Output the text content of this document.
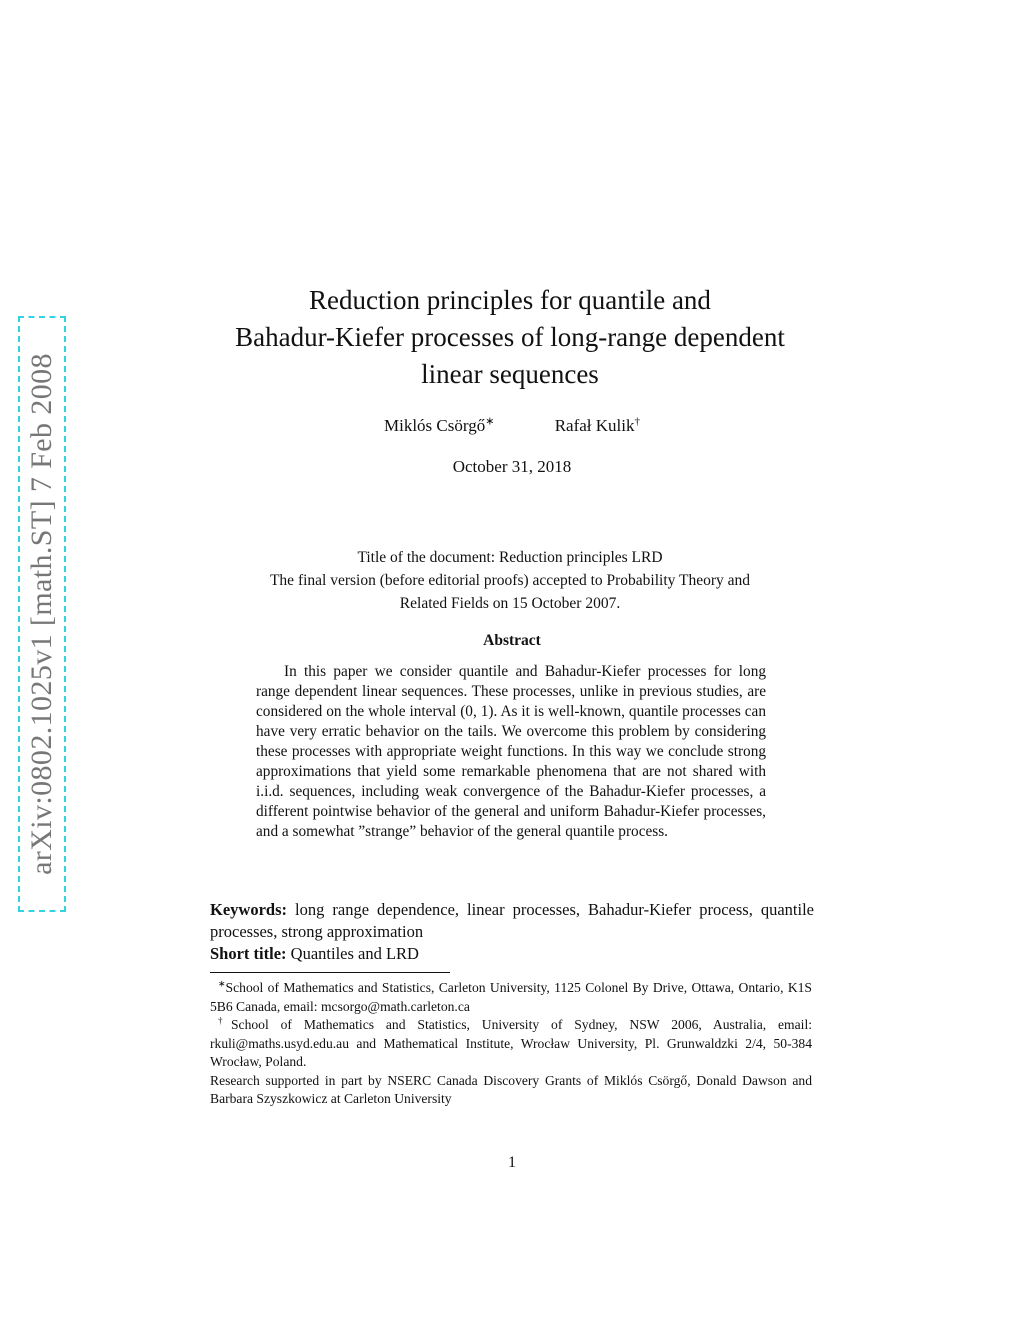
arXiv:0802.1025v1 [math.ST] 7 Feb 2008
Reduction principles for quantile and
Bahadur-Kiefer processes of long-range dependent
linear sequences
Miklós Csörgő∗	Rafał Kulik†
October 31, 2018
Title of the document: Reduction principles LRD
The final version (before editorial proofs) accepted to Probability Theory and
Related Fields on 15 October 2007.
Abstract

In this paper we consider quantile and Bahadur-Kiefer processes for long range dependent linear sequences. These processes, unlike in previous studies, are considered on the whole interval (0, 1). As it is well-known, quantile processes can have very erratic behavior on the tails. We overcome this problem by considering these processes with appropriate weight functions. In this way we conclude strong approximations that yield some remarkable phenomena that are not shared with i.i.d. sequences, including weak convergence of the Bahadur-Kiefer processes, a different pointwise behavior of the general and uniform Bahadur-Kiefer processes, and a somewhat ”strange” behavior of the general quantile process.

Keywords: long range dependence, linear processes, Bahadur-Kiefer process, quantile processes, strong approximation

Short title: Quantiles and LRD

∗School of Mathematics and Statistics, Carleton University, 1125 Colonel By Drive, Ottawa, Ontario, K1S 5B6 Canada, email: mcsorgo@math.carleton.ca

†School of Mathematics and Statistics, University of Sydney, NSW 2006, Australia, email: rkuli@maths.usyd.edu.au and Mathematical Institute, Wrocław University, Pl. Grunwaldzki 2/4, 50-384 Wrocław, Poland.

Research supported in part by NSERC Canada Discovery Grants of Miklós Csörgő, Donald Dawson and Barbara Szyszkowicz at Carleton University

1
